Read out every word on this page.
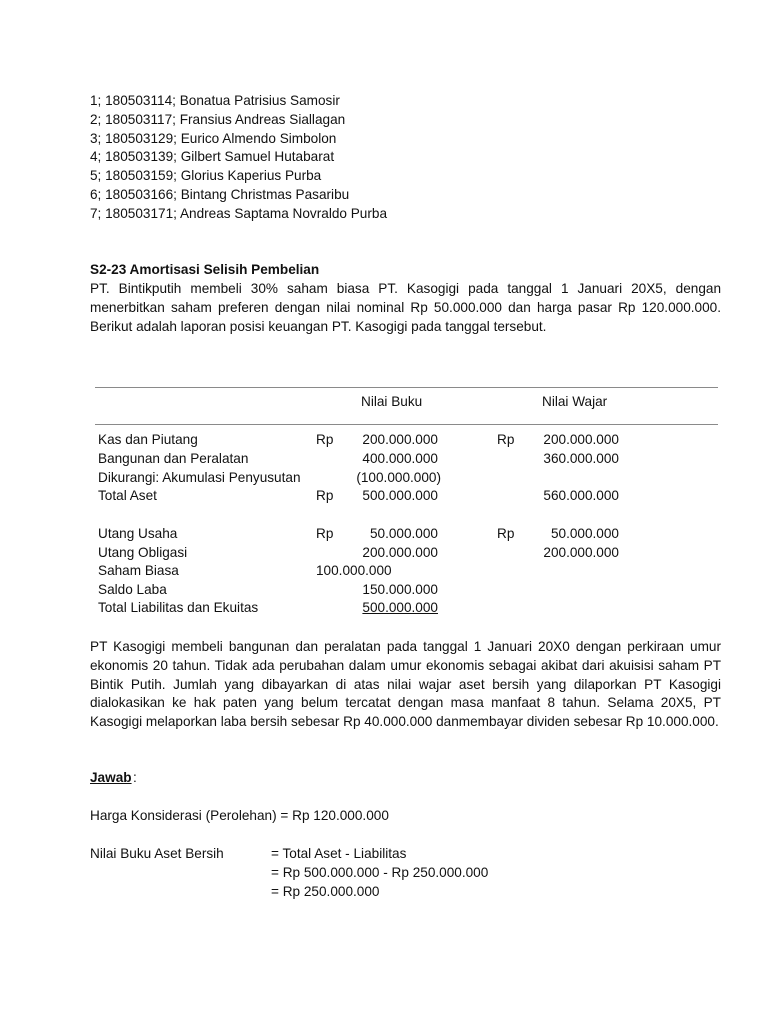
1; 180503114; Bonatua Patrisius Samosir
2; 180503117; Fransius Andreas Siallagan
3; 180503129; Eurico Almendo Simbolon
4; 180503139; Gilbert Samuel Hutabarat
5; 180503159; Glorius Kaperius Purba
6; 180503166; Bintang Christmas Pasaribu
7; 180503171; Andreas Saptama Novraldo Purba
S2-23 Amortisasi Selisih Pembelian
PT. Bintikputih membeli 30% saham biasa PT. Kasogigi pada tanggal 1 Januari 20X5, dengan menerbitkan saham preferen dengan nilai nominal Rp 50.000.000 dan harga pasar Rp 120.000.000. Berikut adalah laporan posisi keuangan PT. Kasogigi pada tanggal tersebut.
Nilai Buku	Nilai Wajar
Kas dan Piutang	Rp	200.000.000	Rp	200.000.000
Bangunan dan Peralatan	400.000.000	360.000.000
Dikurangi: Akumulasi Penyusutan	(100.000.000)
Total Aset	Rp	500.000.000	560.000.000
Utang Usaha	Rp	50.000.000	Rp	50.000.000
Utang Obligasi	200.000.000	200.000.000
Saham Biasa	100.000.000
Saldo Laba	150.000.000
Total Liabilitas dan Ekuitas	500.000.000
PT Kasogigi membeli bangunan dan peralatan pada tanggal 1 Januari 20X0 dengan perkiraan umur ekonomis 20 tahun. Tidak ada perubahan dalam umur ekonomis sebagai akibat dari akuisisi saham PT Bintik Putih. Jumlah yang dibayarkan di atas nilai wajar aset bersih yang dilaporkan PT Kasogigi dialokasikan ke hak paten yang belum tercatat dengan masa manfaat 8 tahun. Selama 20X5, PT Kasogigi melaporkan laba bersih sebesar Rp 40.000.000 danmembayar dividen sebesar Rp 10.000.000.
Jawab :
Harga Konsiderasi (Perolehan) = Rp 120.000.000
Nilai Buku Aset Bersih	= Total Aset - Liabilitas
= Rp 500.000.000 - Rp 250.000.000
= Rp 250.000.000
